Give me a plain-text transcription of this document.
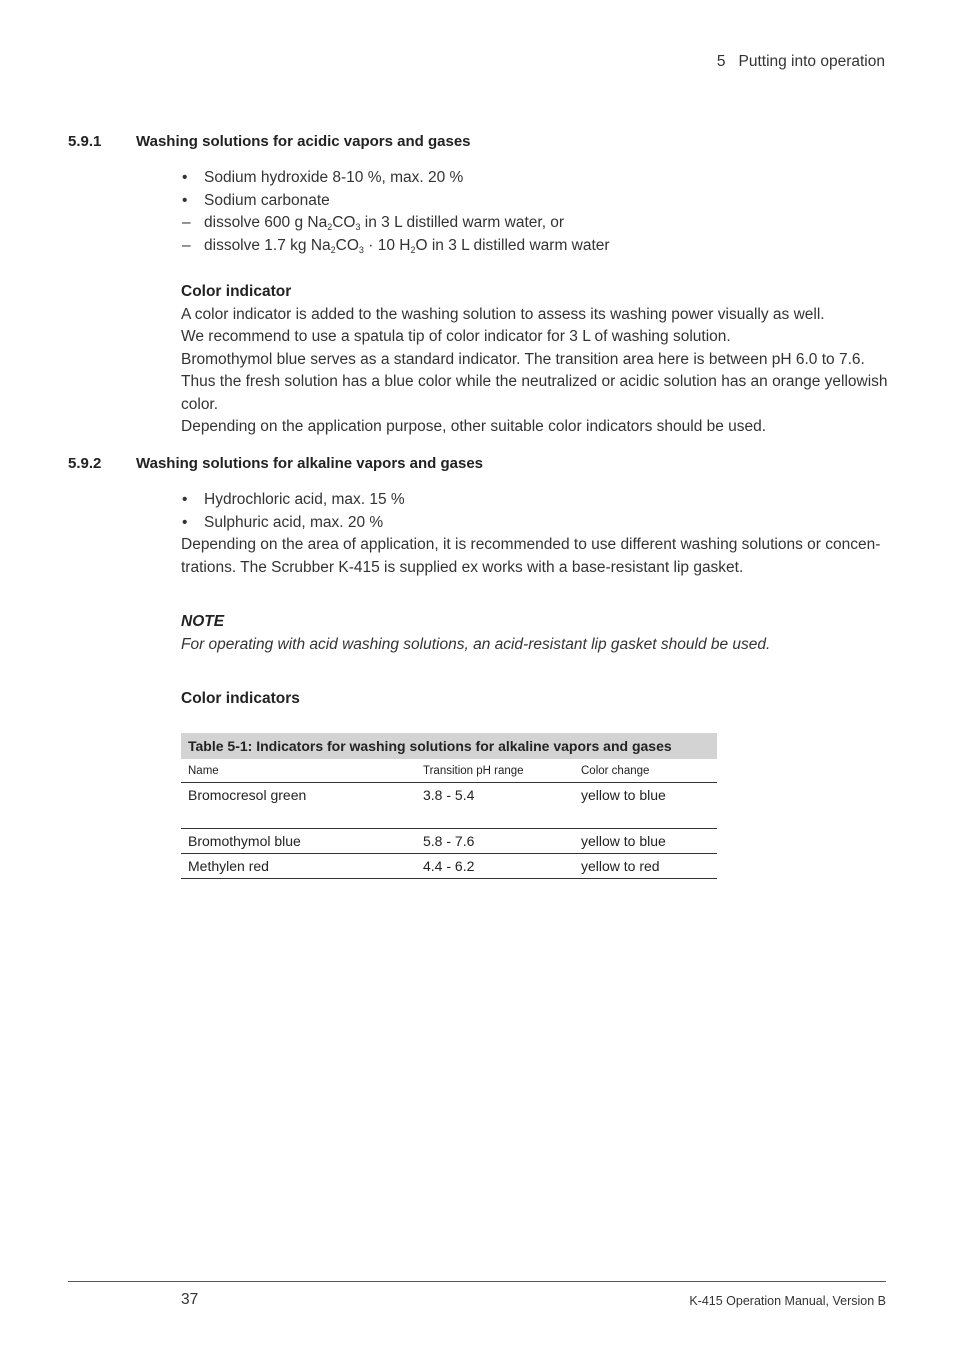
5 Putting into operation
5.9.1 Washing solutions for acidic vapors and gases
• Sodium hydroxide 8-10 %, max. 20 %
• Sodium carbonate
– dissolve 600 g $Na_2CO_3$ in 3 L distilled warm water, or
– dissolve 1.7 kg $Na_2CO_3 \cdot 10$ $H_2O$ in 3 L distilled warm water
Color indicator
A color indicator is added to the washing solution to assess its washing power visually as well.
We recommend to use a spatula tip of color indicator for 3 L of washing solution.
Bromothymol blue serves as a standard indicator. The transition area here is between pH 6.0 to 7.6.
Thus the fresh solution has a blue color while the neutralized or acidic solution has an orange yellowish color.
Depending on the application purpose, other suitable color indicators should be used.
5.9.2 Washing solutions for alkaline vapors and gases
• Hydrochloric acid, max. 15 %
• Sulphuric acid, max. 20 %
Depending on the area of application, it is recommended to use different washing solutions or concen-trations. The Scrubber K-415 is supplied ex works with a base-resistant lip gasket.
NOTE
For operating with acid washing solutions, an acid-resistant lip gasket should be used.
Color indicators
Table 5-1: Indicators for washing solutions for alkaline vapors and gases
Name	Transition pH range	Color change
Bromocresol green	3.8 - 5.4	yellow to blue
Bromothymol blue	5.8 - 7.6	yellow to blue
Methylen red	4.4 - 6.2	yellow to red
37	K-415 Operation Manual, Version B
